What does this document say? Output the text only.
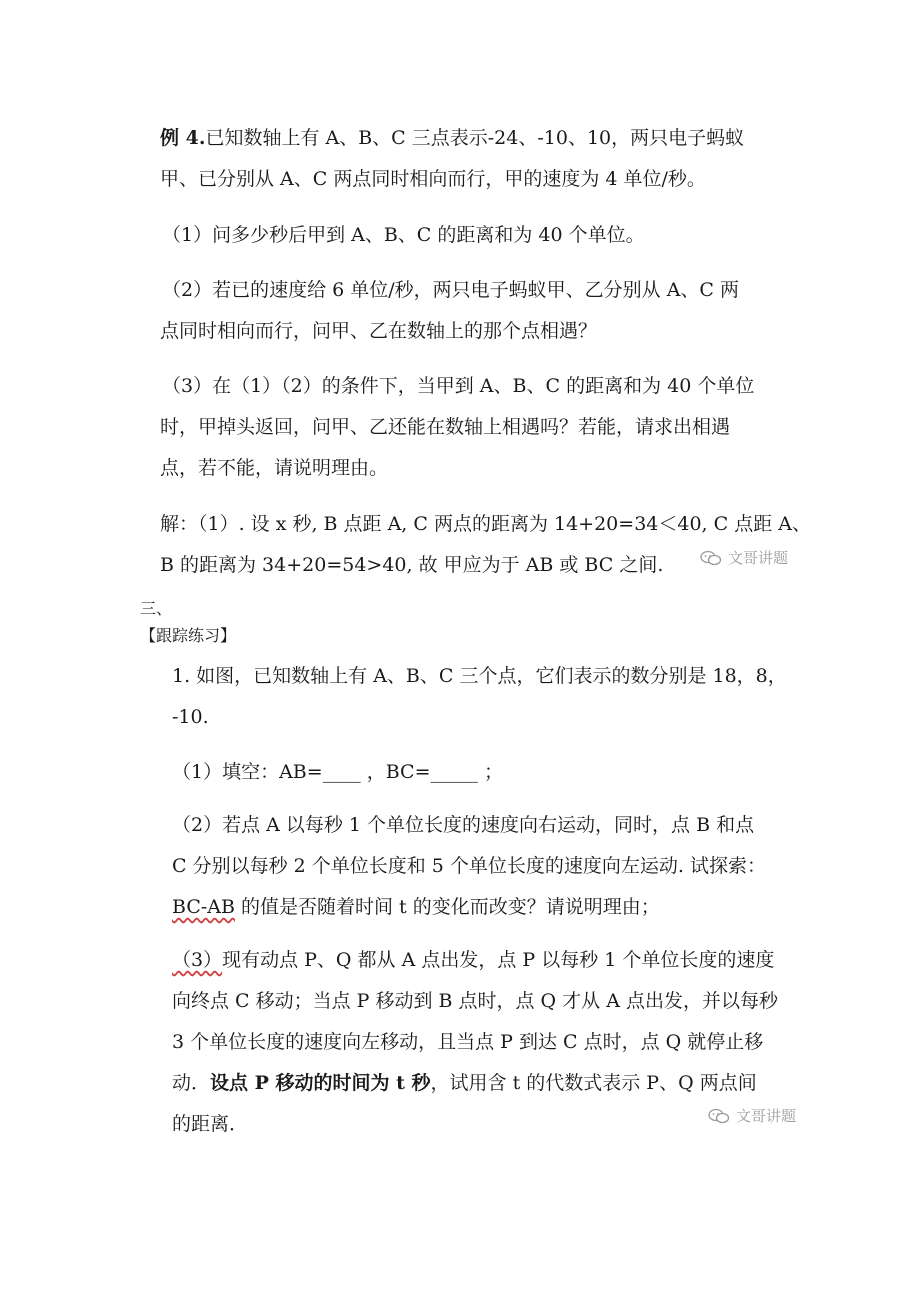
例 4.已知数轴上有 A、B、C 三点表示-24、-10、10，两只电子蚂蚁
甲、已分别从 A、C 两点同时相向而行，甲的速度为 4 单位/秒。
（1）问多少秒后甲到 A、B、C 的距离和为 40 个单位。
（2）若已的速度给 6 单位/秒，两只电子蚂蚁甲、乙分别从 A、C 两
点同时相向而行，问甲、乙在数轴上的那个点相遇？
（3）在（1）（2）的条件下，当甲到 A、B、C 的距离和为 40 个单位
时，甲掉头返回，问甲、乙还能在数轴上相遇吗？若能，请求出相遇
点，若不能，请说明理由。
解：（1）. 设 x 秒, B 点距 A, C 两点的距离为 14+20=34＜40, C 点距 A、
B 的距离为 34+20=54>40, 故 甲应为于 AB 或 BC 之间.	文哥讲题
三、
【跟踪练习】
1. 如图，已知数轴上有 A、B、C 三个点，它们表示的数分别是 18，8，
-10.
（1）填空：AB=____ ，BC=_____ ；
（2）若点 A 以每秒 1 个单位长度的速度向右运动，同时，点 B 和点
C 分别以每秒 2 个单位长度和 5 个单位长度的速度向左运动. 试探索：
BC-AB 的值是否随着时间 t 的变化而改变？请说明理由；
（3）现有动点 P、Q 都从 A 点出发，点 P 以每秒 1 个单位长度的速度
向终点 C 移动；当点 P 移动到 B 点时，点 Q 才从 A 点出发，并以每秒
3 个单位长度的速度向左移动，且当点 P 到达 C 点时，点 Q 就停止移
动．设点 P 移动的时间为 t 秒，试用含 t 的代数式表示 P、Q 两点间
的距离．	文哥讲题
